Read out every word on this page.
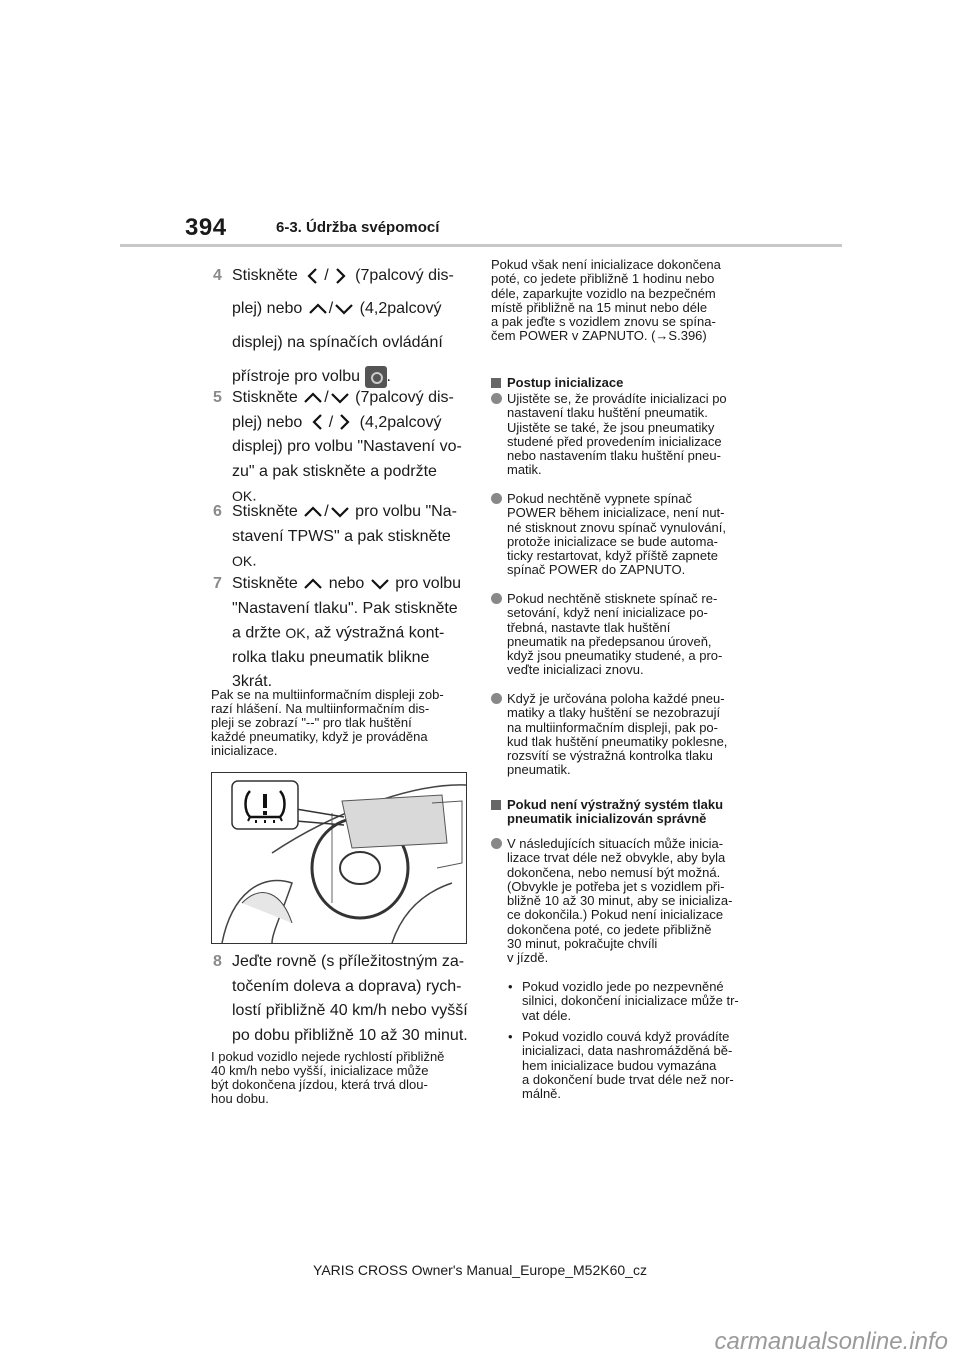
394	6-3. Údržba svépomocí
4 Stiskněte / (7palcový dis-
plej) nebo / (4,2palcový
displej) na spínačích ovládání
přístroje pro volbu .
5 Stiskněte / (7palcový dis-
plej) nebo / (4,2palcový
displej) pro volbu "Nastavení vo-
zu" a pak stiskněte a podržte
OK.
6 Stiskněte / pro volbu "Na-
stavení TPWS" a pak stiskněte
OK.
7 Stiskněte nebo pro volbu
"Nastavení tlaku". Pak stiskněte
a držte OK, až výstražná kont-
rolka tlaku pneumatik blikne
3krát.
Pak se na multiinformačním displeji zob-
razí hlášení. Na multiinformačním dis-
pleji se zobrazí "--" pro tlak huštění
každé pneumatiky, když je prováděna
inicializace.
8 Jeďte rovně (s příležitostným za-
točením doleva a doprava) rych-
lostí přibližně 40 km/h nebo vyšší
po dobu přibližně 10 až 30 minut.
I pokud vozidlo nejede rychlostí přibližně
40 km/h nebo vyšší, inicializace může
být dokončena jízdou, která trvá dlou-
hou dobu.
Pokud však není inicializace dokončena
poté, co jedete přibližně 1 hodinu nebo
déle, zaparkujte vozidlo na bezpečném
místě přibližně na 15 minut nebo déle
a pak jeďte s vozidlem znovu se spína-
čem POWER v ZAPNUTO. (→S.396)
Postup inicializace
Ujistěte se, že provádíte inicializaci po
nastavení tlaku huštění pneumatik.
Ujistěte se také, že jsou pneumatiky
studené před provedením inicializace
nebo nastavením tlaku huštění pneu-
matik.
Pokud nechtěně vypnete spínač
POWER během inicializace, není nut-
né stisknout znovu spínač vynulování,
protože inicializace se bude automa-
ticky restartovat, když příště zapnete
spínač POWER do ZAPNUTO.
Pokud nechtěně stisknete spínač re-
setování, když není inicializace po-
třebná, nastavte tlak huštění
pneumatik na předepsanou úroveň,
když jsou pneumatiky studené, a pro-
veďte inicializaci znovu.
Když je určována poloha každé pneu-
matiky a tlaky huštění se nezobrazují
na multiinformačním displeji, pak po-
kud tlak huštění pneumatiky poklesne,
rozsvítí se výstražná kontrolka tlaku
pneumatik.
Pokud není výstražný systém tlaku
pneumatik inicializován správně
V následujících situacích může inicia-
lizace trvat déle než obvykle, aby byla
dokončena, nebo nemusí být možná.
(Obvykle je potřeba jet s vozidlem při-
bližně 10 až 30 minut, aby se inicializa-
ce dokončila.) Pokud není inicializace
dokončena poté, co jedete přibližně
30 minut, pokračujte chvíli
v jízdě.
• Pokud vozidlo jede po nezpevněné
silnici, dokončení inicializace může tr-
vat déle.
• Pokud vozidlo couvá když provádíte
inicializaci, data nashromážděná bě-
hem inicializace budou vymazána
a dokončení bude trvat déle než nor-
málně.
YARIS CROSS Owner's Manual_Europe_M52K60_cz
carmanualsonline.info
